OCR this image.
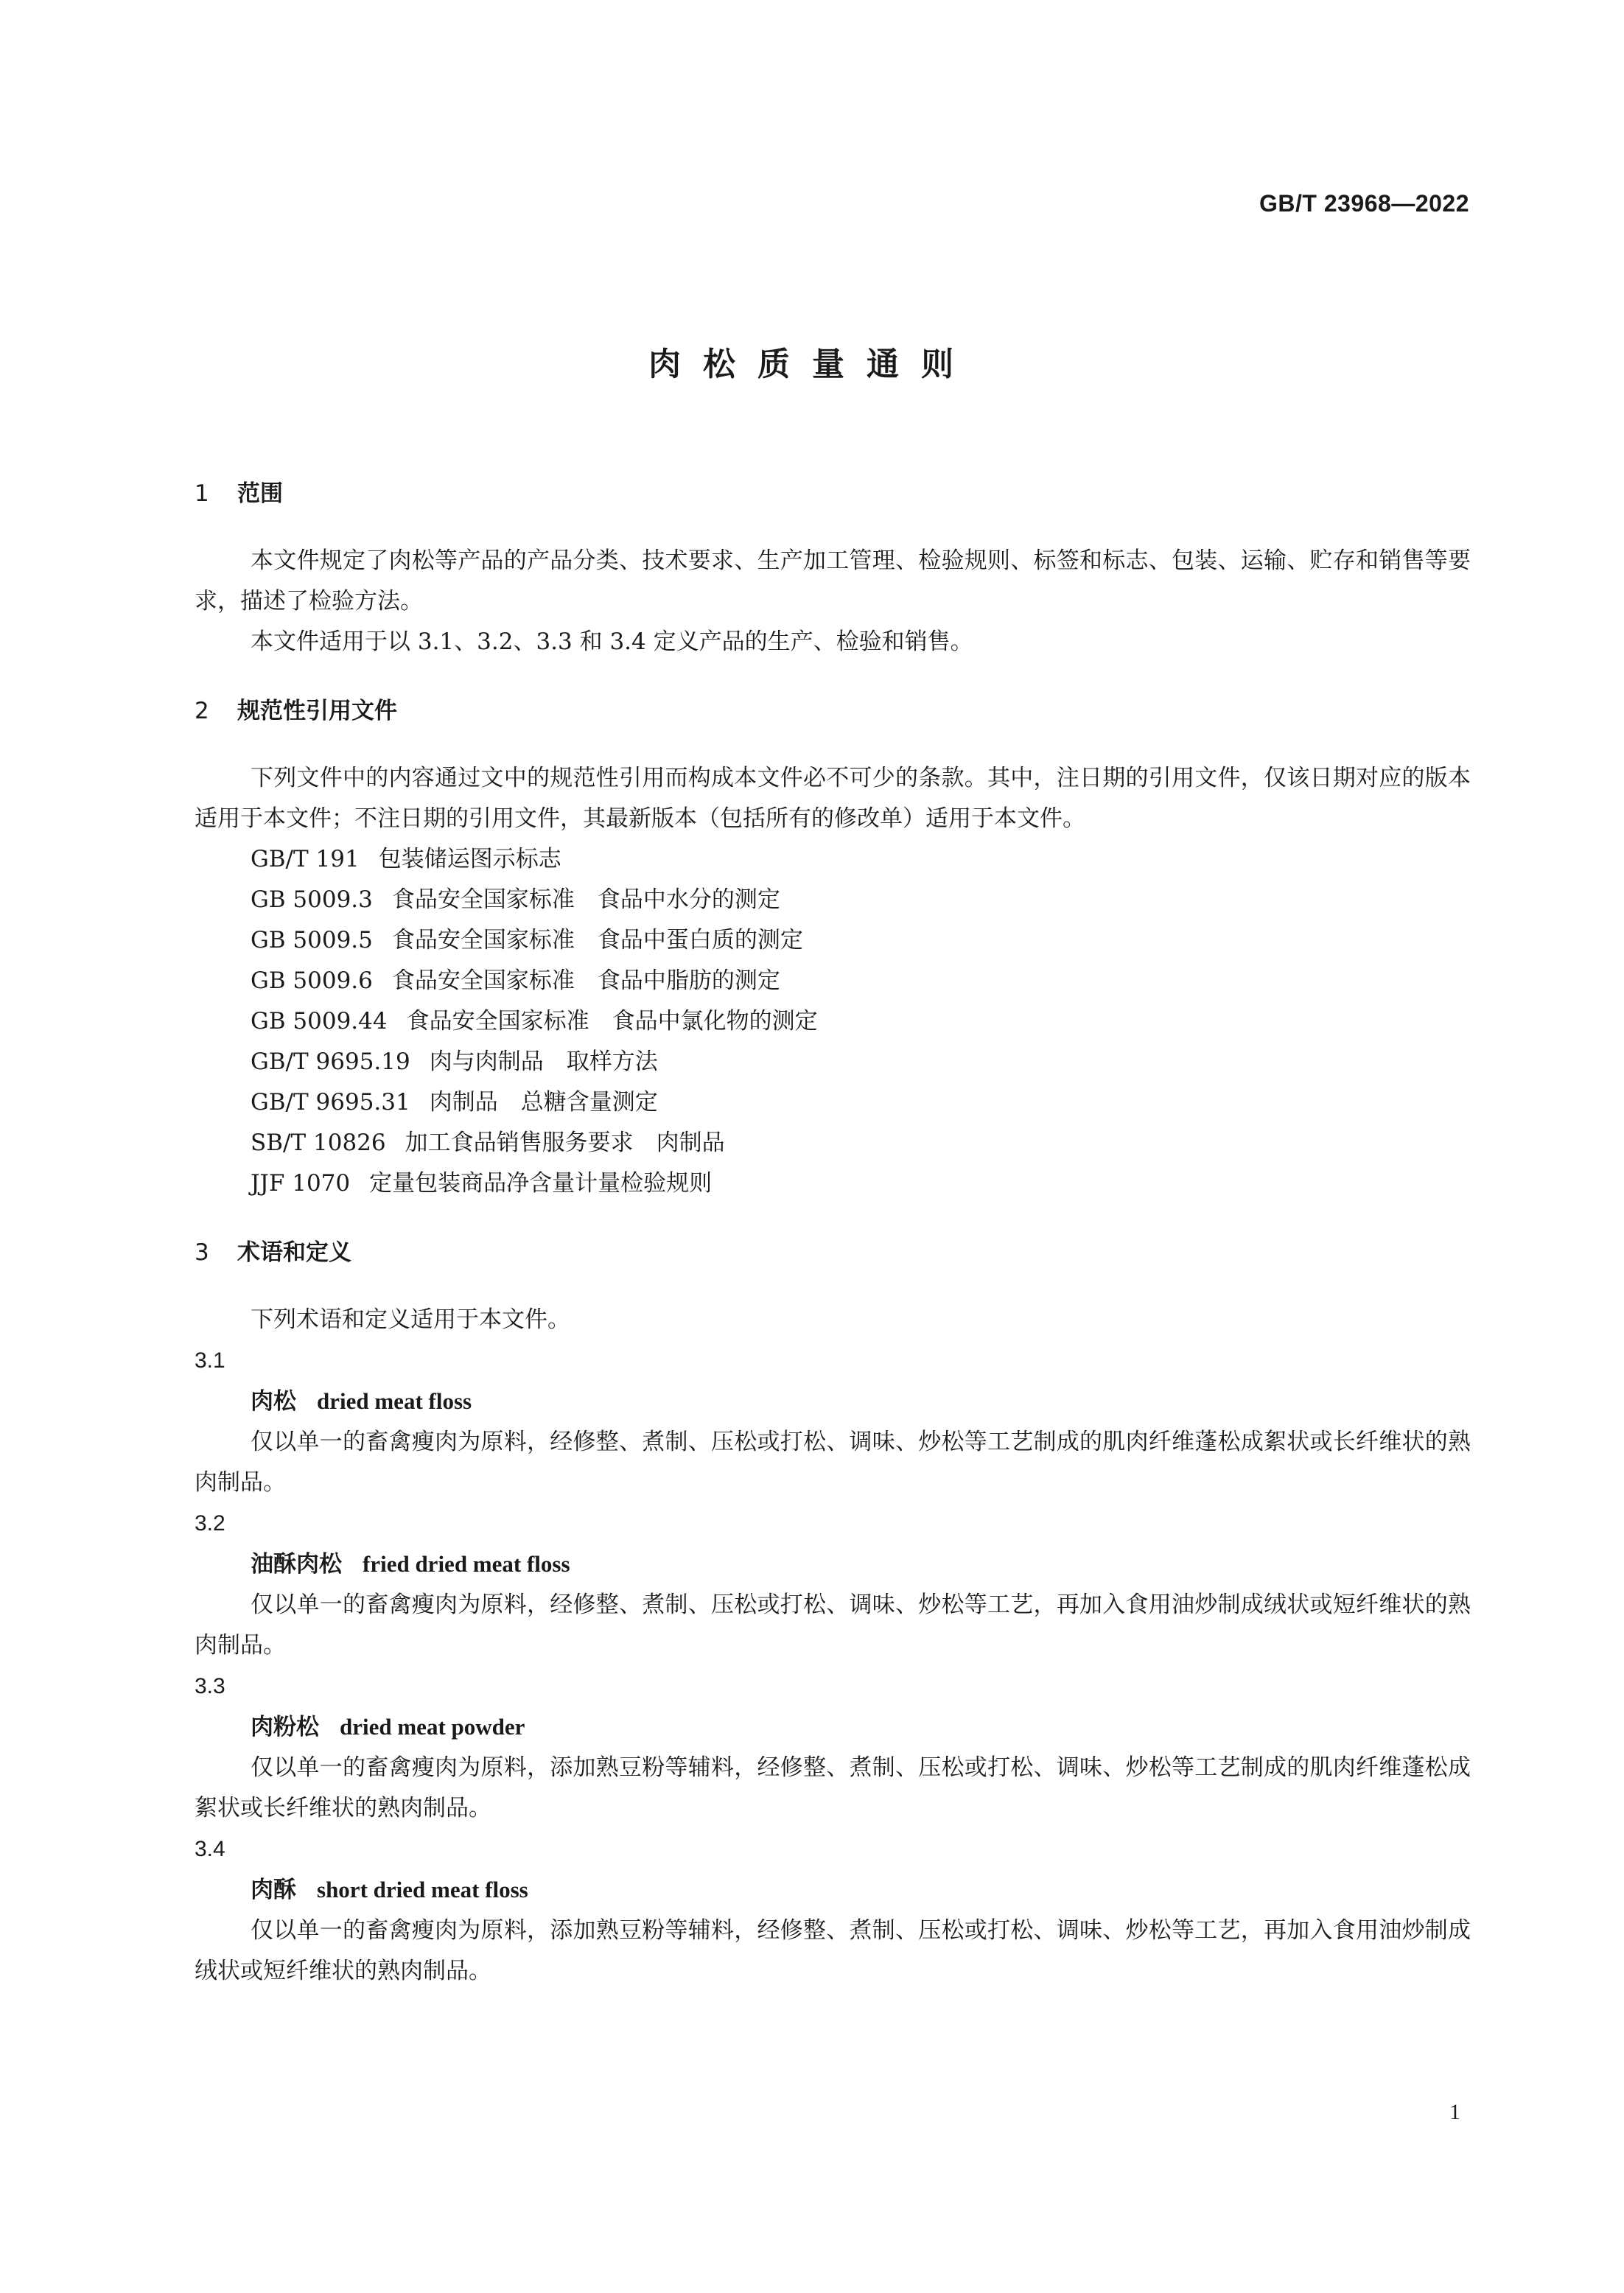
GB/T 23968—2022
肉松质量通则

1 范围

本文件规定了肉松等产品的产品分类、技术要求、生产加工管理、检验规则、标签和标志、包装、运输、贮存和销售等要求，描述了检验方法。

本文件适用于以 3.1、3.2、3.3 和 3.4 定义产品的生产、检验和销售。

2 规范性引用文件

下列文件中的内容通过文中的规范性引用而构成本文件必不可少的条款。其中，注日期的引用文件，仅该日期对应的版本适用于本文件；不注日期的引用文件，其最新版本（包括所有的修改单）适用于本文件。

GB/T 191 包装储运图示标志
GB 5009.3 食品安全国家标准　食品中水分的测定
GB 5009.5 食品安全国家标准　食品中蛋白质的测定
GB 5009.6 食品安全国家标准　食品中脂肪的测定
GB 5009.44 食品安全国家标准　食品中氯化物的测定
GB/T 9695.19 肉与肉制品　取样方法
GB/T 9695.31 肉制品　总糖含量测定
SB/T 10826 加工食品销售服务要求　肉制品
JJF 1070 定量包装商品净含量计量检验规则

3 术语和定义

下列术语和定义适用于本文件。

3.1

肉松 dried meat floss

仅以单一的畜禽瘦肉为原料，经修整、煮制、压松或打松、调味、炒松等工艺制成的肌肉纤维蓬松成絮状或长纤维状的熟肉制品。

3.2

油酥肉松 fried dried meat floss

仅以单一的畜禽瘦肉为原料，经修整、煮制、压松或打松、调味、炒松等工艺，再加入食用油炒制成绒状或短纤维状的熟肉制品。

3.3

肉粉松 dried meat powder

仅以单一的畜禽瘦肉为原料，添加熟豆粉等辅料，经修整、煮制、压松或打松、调味、炒松等工艺制成的肌肉纤维蓬松成絮状或长纤维状的熟肉制品。

3.4

肉酥 short dried meat floss

仅以单一的畜禽瘦肉为原料，添加熟豆粉等辅料，经修整、煮制、压松或打松、调味、炒松等工艺，再加入食用油炒制成绒状或短纤维状的熟肉制品。

1
